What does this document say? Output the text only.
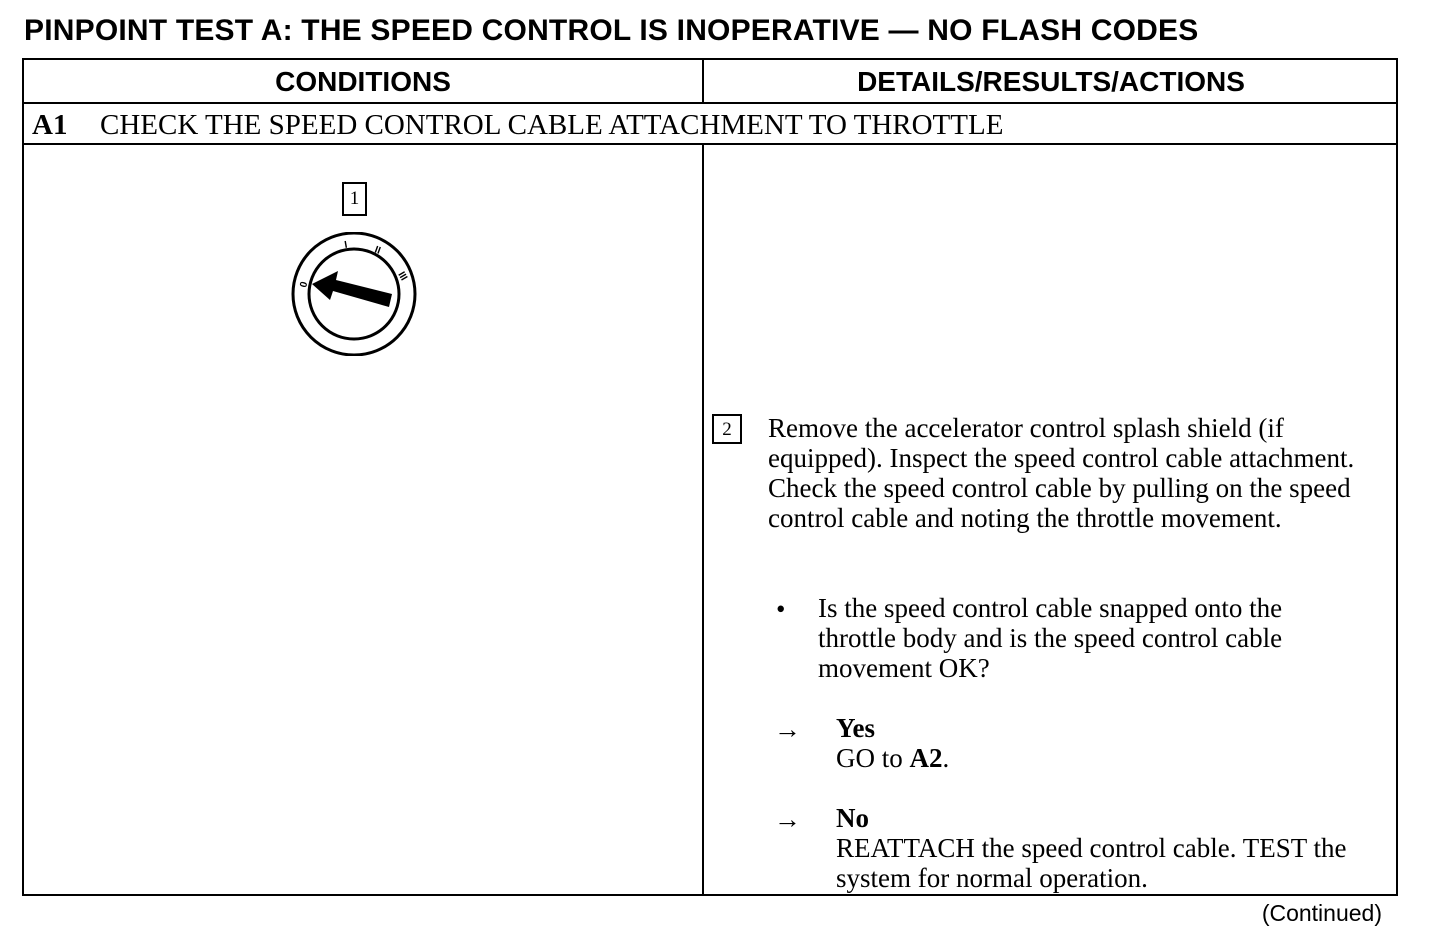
PINPOINT TEST A: THE SPEED CONTROL IS INOPERATIVE — NO FLASH CODES
CONDITIONS	DETAILS/RESULTS/ACTIONS
A1 CHECK THE SPEED CONTROL CABLE ATTACHMENT TO THROTTLE
1
0
I II
III
2	Remove the accelerator control splash shield (if equipped). Inspect the speed control cable attachment. Check the speed control cable by pulling on the speed control cable and noting the throttle movement.
• Is the speed control cable snapped onto the throttle body and is the speed control cable movement OK?
→ Yes
GO to A2.
→ No
REATTACH the speed control cable. TEST the system for normal operation.
(Continued)
